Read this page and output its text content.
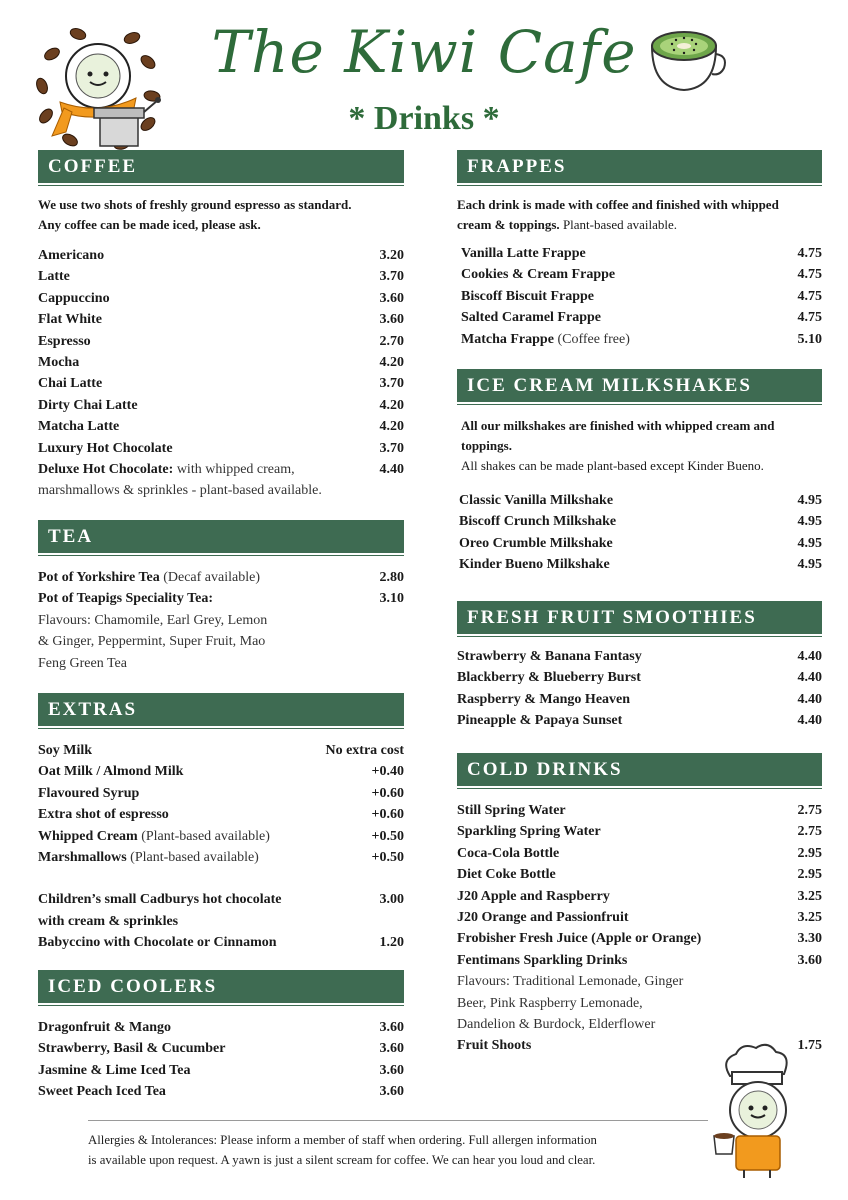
The Kiwi Cafe
* Drinks *
COFFEE
We use two shots of freshly ground espresso as standard.
Any coffee can be made iced, please ask.
Americano	3.20
Latte	3.70
Cappuccino	3.60
Flat White	3.60
Espresso	2.70
Mocha	4.20
Chai Latte	3.70
Dirty Chai Latte	4.20
Matcha Latte	4.20
Luxury Hot Chocolate	3.70
Deluxe Hot Chocolate: with whipped cream,	4.40
marshmallows & sprinkles - plant-based available.
TEA
Pot of Yorkshire Tea (Decaf available)	2.80
Pot of Teapigs Speciality Tea:	3.10
Flavours: Chamomile, Earl Grey, Lemon
& Ginger, Peppermint, Super Fruit, Mao
Feng Green Tea
EXTRAS
Soy Milk	No extra cost
Oat Milk / Almond Milk	+0.40
Flavoured Syrup	+0.60
Extra shot of espresso	+0.60
Whipped Cream (Plant-based available)	+0.50
Marshmallows (Plant-based available)	+0.50
Children’s small Cadburys hot chocolate	3.00
with cream & sprinkles
Babyccino with Chocolate or Cinnamon	1.20
ICED COOLERS
Dragonfruit & Mango	3.60
Strawberry, Basil & Cucumber	3.60
Jasmine & Lime Iced Tea	3.60
Sweet Peach Iced Tea	3.60
FRAPPES
Each drink is made with coffee and finished with whipped
cream & toppings. Plant-based available.
Vanilla Latte Frappe	4.75
Cookies & Cream Frappe	4.75
Biscoff Biscuit Frappe	4.75
Salted Caramel Frappe	4.75
Matcha Frappe (Coffee free)	5.10
ICE CREAM MILKSHAKES
All our milkshakes are finished with whipped cream and
toppings.
All shakes can be made plant-based except Kinder Bueno.
Classic Vanilla Milkshake	4.95
Biscoff Crunch Milkshake	4.95
Oreo Crumble Milkshake	4.95
Kinder Bueno Milkshake	4.95
FRESH FRUIT SMOOTHIES
Strawberry & Banana Fantasy	4.40
Blackberry & Blueberry Burst	4.40
Raspberry & Mango Heaven	4.40
Pineapple & Papaya Sunset	4.40
COLD DRINKS
Still Spring Water	2.75
Sparkling Spring Water	2.75
Coca-Cola Bottle	2.95
Diet Coke Bottle	2.95
J20 Apple and Raspberry	3.25
J20 Orange and Passionfruit	3.25
Frobisher Fresh Juice (Apple or Orange)	3.30
Fentimans Sparkling Drinks	3.60
Flavours: Traditional Lemonade, Ginger
Beer, Pink Raspberry Lemonade,
Dandelion & Burdock, Elderflower
Fruit Shoots	1.75
Allergies & Intolerances: Please inform a member of staff when ordering. Full allergen information
is available upon request. A yawn is just a silent scream for coffee. We can hear you loud and clear.
